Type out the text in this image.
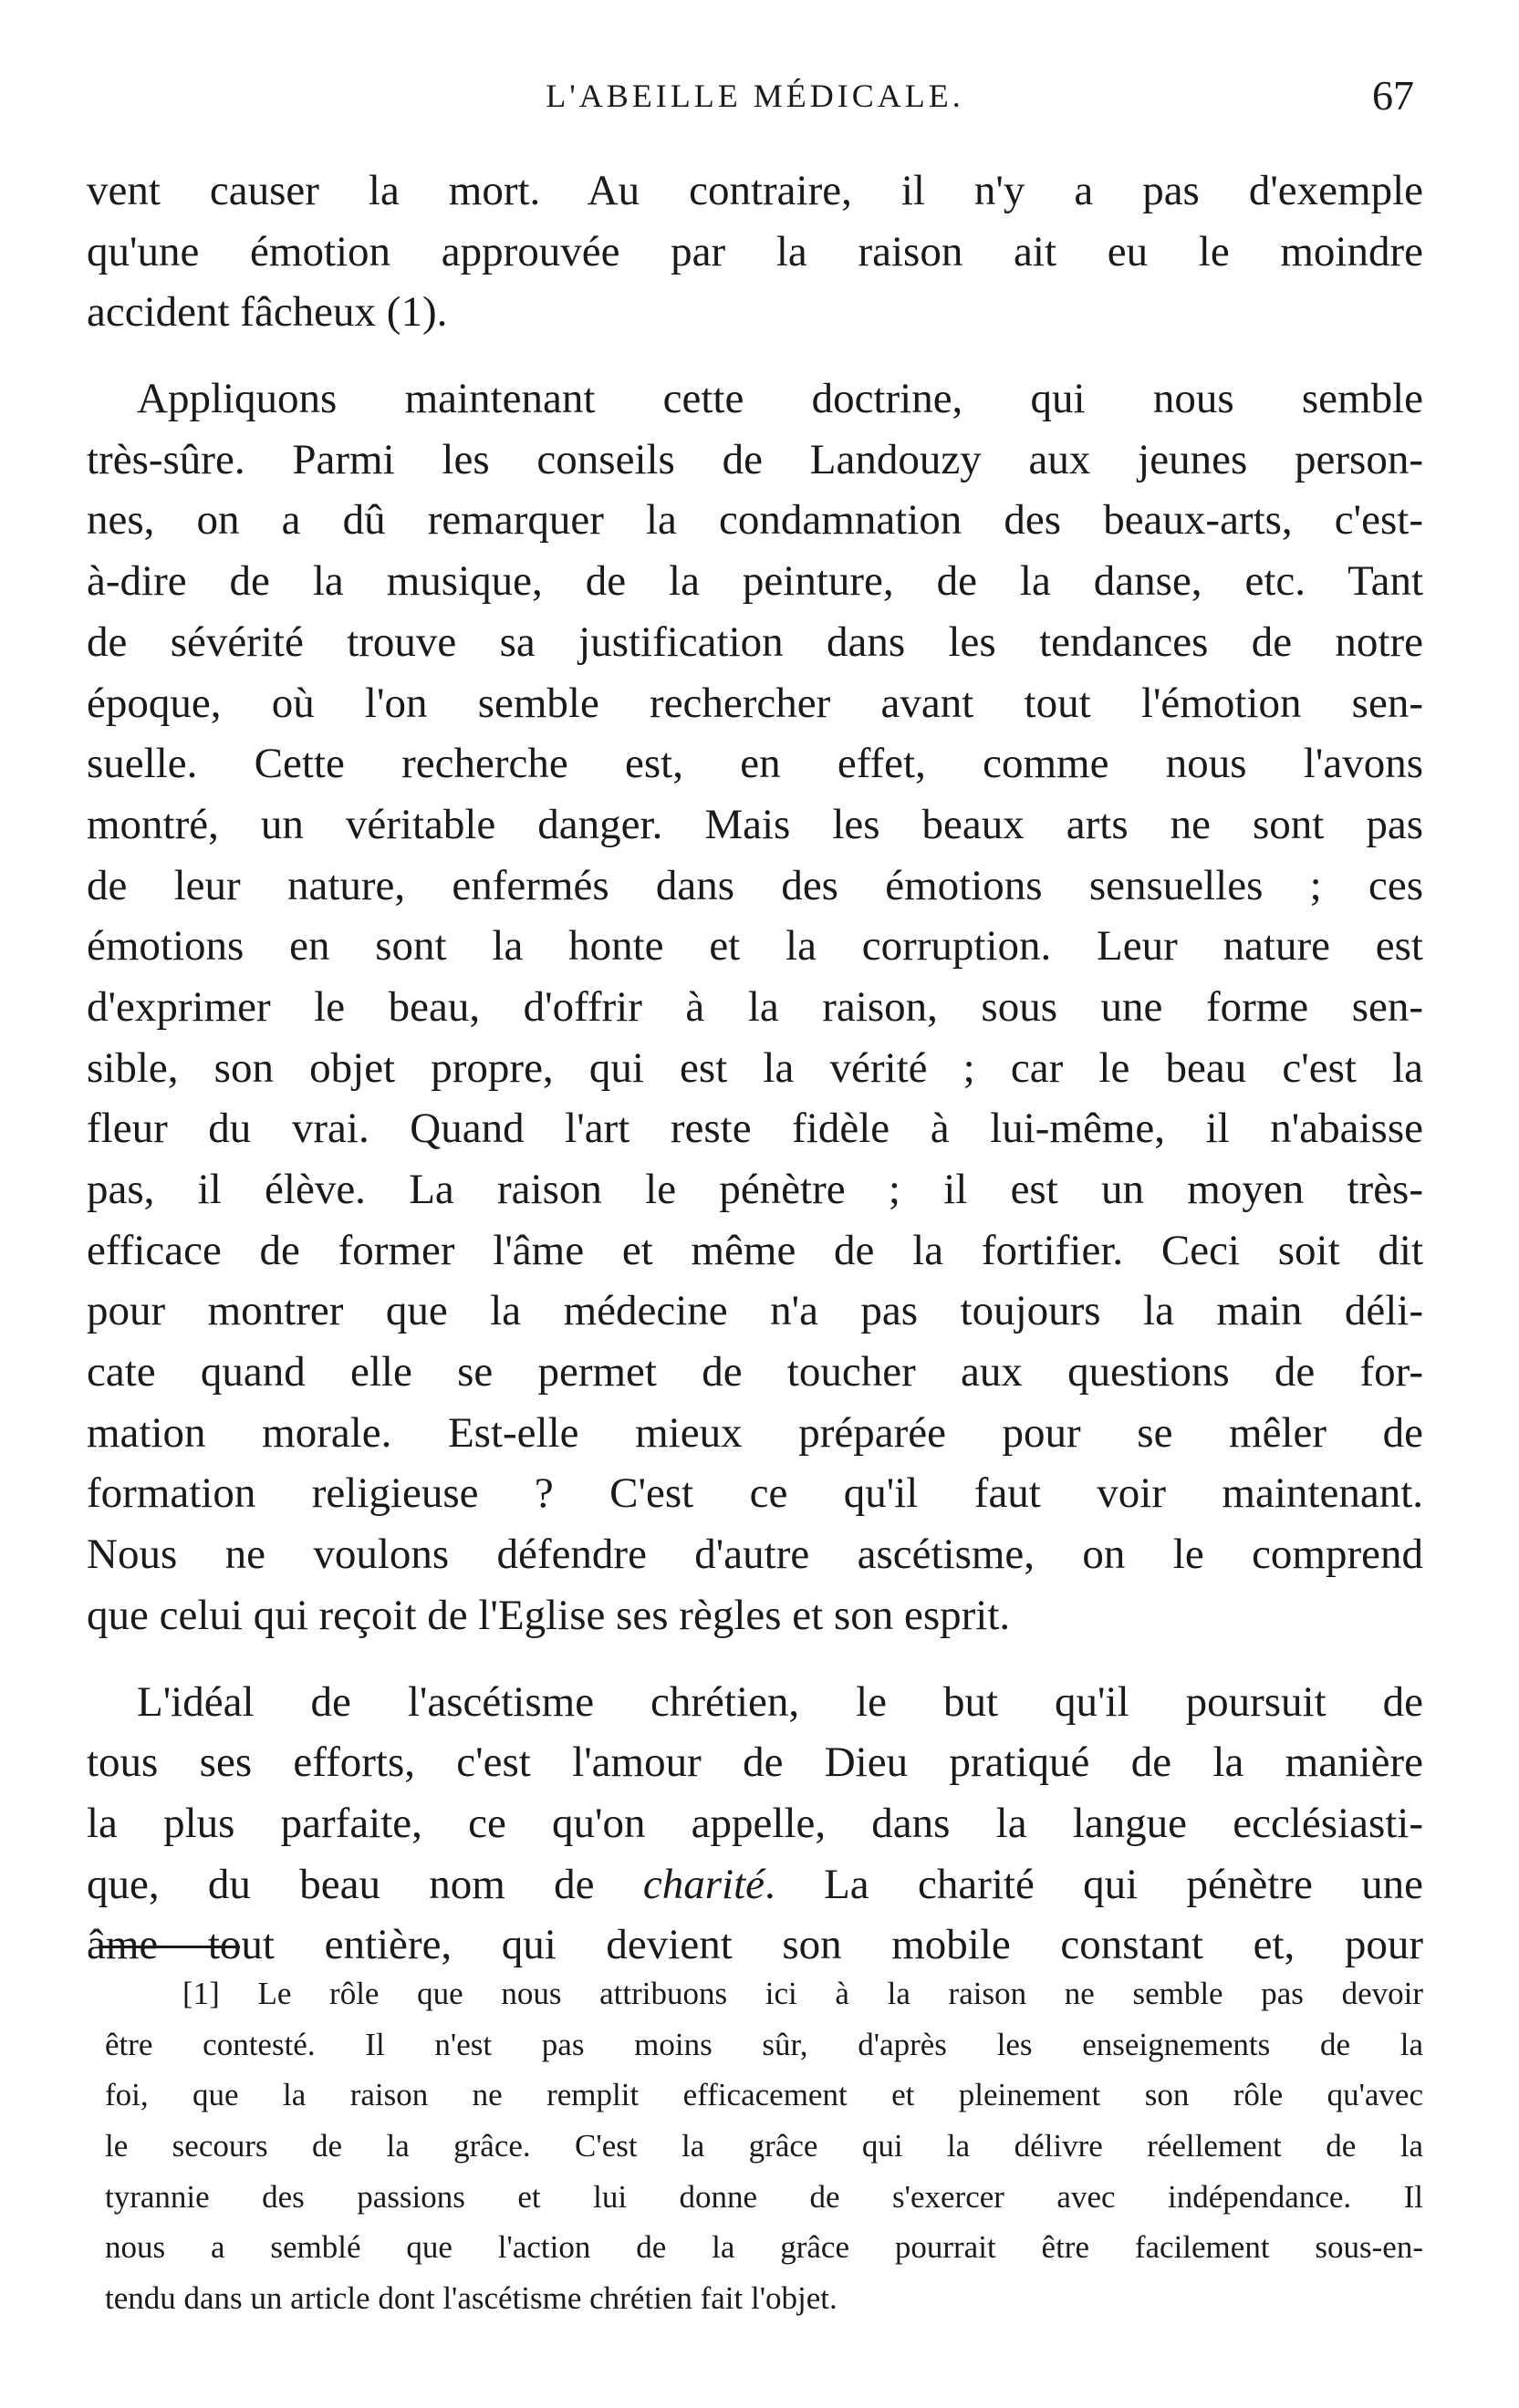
L'ABEILLE MÉDICALE.	67
vent causer la mort. Au contraire, il n'y a pas d'exemple
qu'une émotion approuvée par la raison ait eu le moindre
accident fâcheux (1).
Appliquons maintenant cette doctrine, qui nous semble
très-sûre. Parmi les conseils de Landouzy aux jeunes person-
nes, on a dû remarquer la condamnation des beaux-arts, c'est-
à-dire de la musique, de la peinture, de la danse, etc. Tant
de sévérité trouve sa justification dans les tendances de notre
époque, où l'on semble rechercher avant tout l'émotion sen-
suelle. Cette recherche est, en effet, comme nous l'avons
montré, un véritable danger. Mais les beaux arts ne sont pas
de leur nature, enfermés dans des émotions sensuelles ; ces
émotions en sont la honte et la corruption. Leur nature est
d'exprimer le beau, d'offrir à la raison, sous une forme sen-
sible, son objet propre, qui est la vérité ; car le beau c'est la
fleur du vrai. Quand l'art reste fidèle à lui-même, il n'abaisse
pas, il élève. La raison le pénètre ; il est un moyen très-
efficace de former l'âme et même de la fortifier. Ceci soit dit
pour montrer que la médecine n'a pas toujours la main déli-
cate quand elle se permet de toucher aux questions de for-
mation morale. Est-elle mieux préparée pour se mêler de
formation religieuse ? C'est ce qu'il faut voir maintenant.
Nous ne voulons défendre d'autre ascétisme, on le comprend
que celui qui reçoit de l'Eglise ses règles et son esprit.
L'idéal de l'ascétisme chrétien, le but qu'il poursuit de
tous ses efforts, c'est l'amour de Dieu pratiqué de la manière
la plus parfaite, ce qu'on appelle, dans la langue ecclésiasti-
que, du beau nom de charité. La charité qui pénètre une
âme tout entière, qui devient son mobile constant et, pour
[1] Le rôle que nous attribuons ici à la raison ne semble pas devoir
être contesté. Il n'est pas moins sûr, d'après les enseignements de la
foi, que la raison ne remplit efficacement et pleinement son rôle qu'avec
le secours de la grâce. C'est la grâce qui la délivre réellement de la
tyrannie des passions et lui donne de s'exercer avec indépendance. Il
nous a semblé que l'action de la grâce pourrait être facilement sous-en-
tendu dans un article dont l'ascétisme chrétien fait l'objet.
